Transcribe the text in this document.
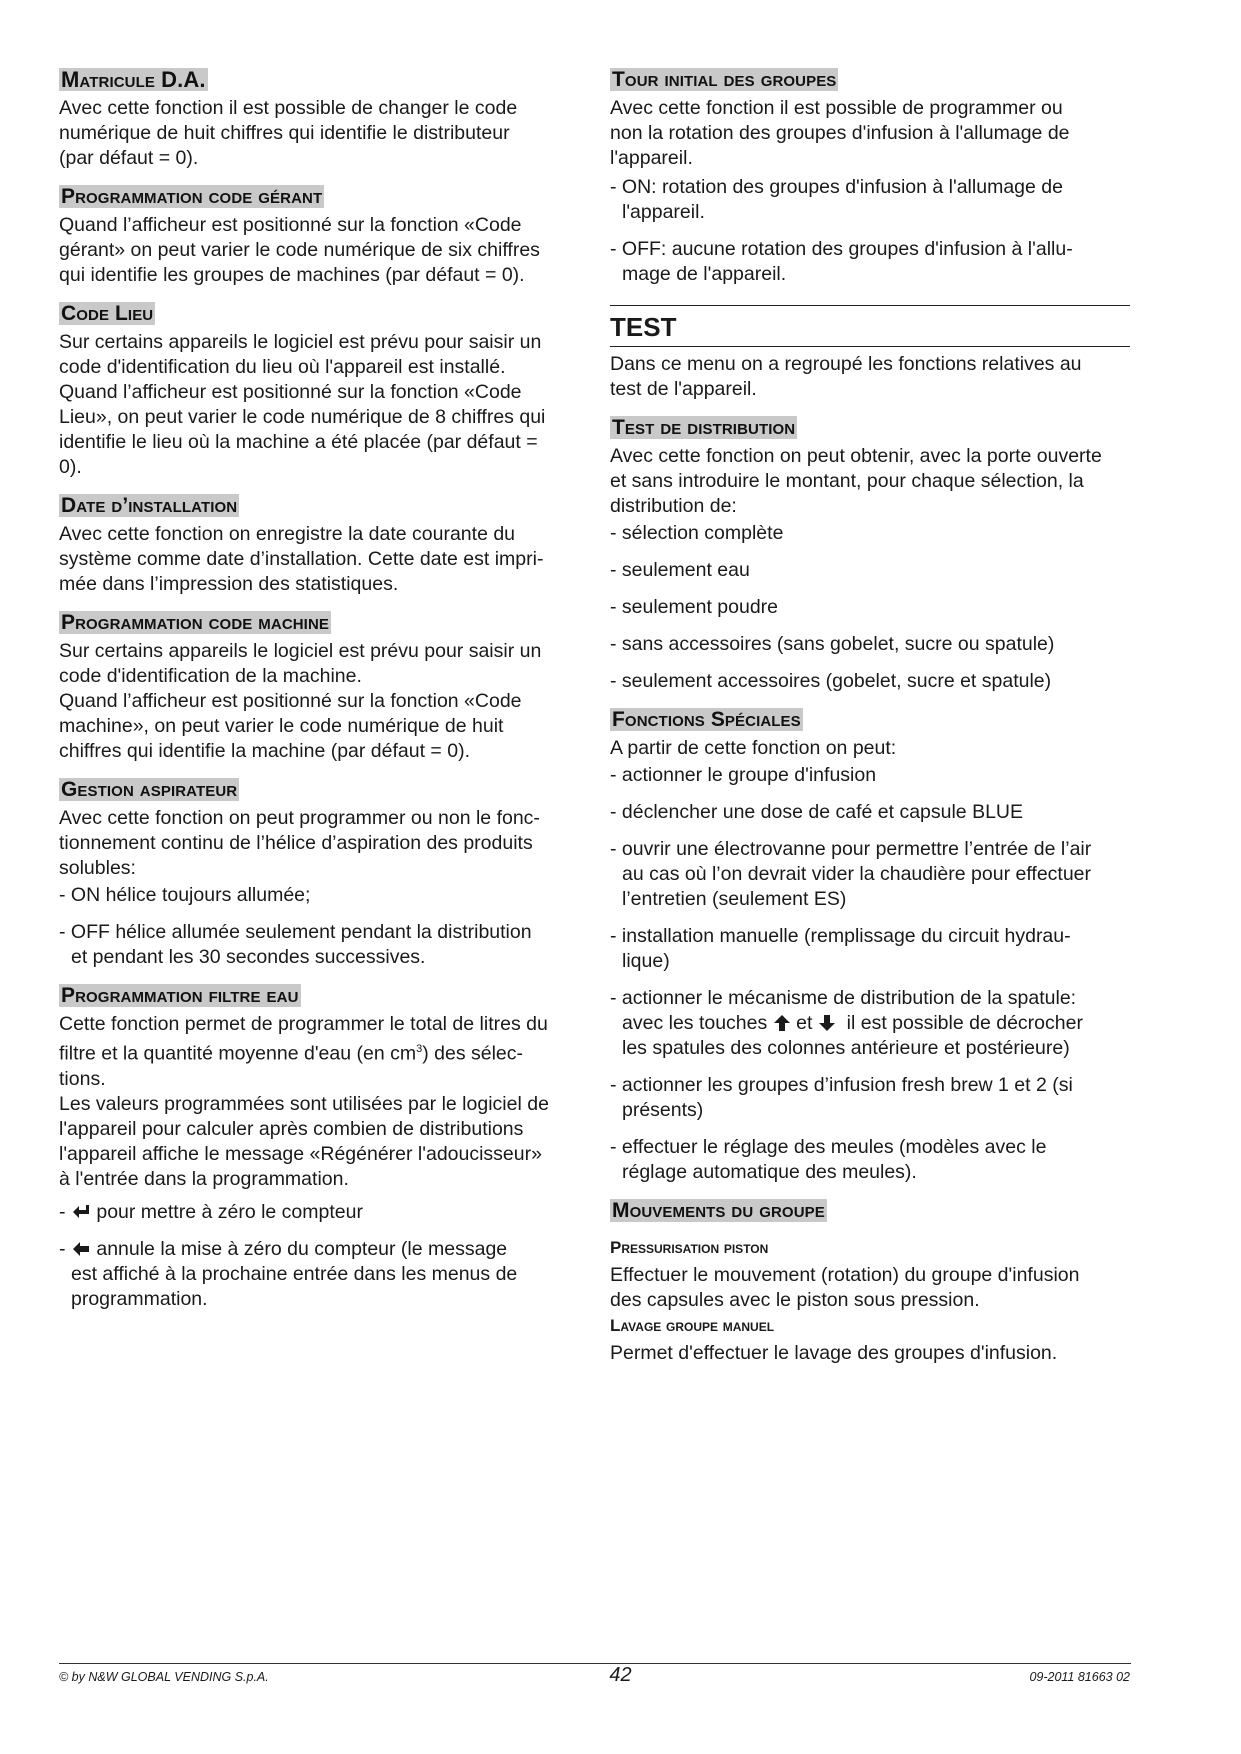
Matricule D.A.
Avec cette fonction il est possible de changer le code
numérique de huit chiffres qui identifie le distributeur
(par défaut = 0).
Programmation code gérant
Quand l’afficheur est positionné sur la fonction «Code
gérant» on peut varier le code numérique de six chiffres
qui identifie les groupes de machines (par défaut = 0).
Code Lieu
Sur certains appareils le logiciel est prévu pour saisir un
code d'identification du lieu où l'appareil est installé.
Quand l’afficheur est positionné sur la fonction «Code
Lieu», on peut varier le code numérique de 8 chiffres qui
identifie le lieu où la machine a été placée (par défaut =
0).
Date d’installation
Avec cette fonction on enregistre la date courante du
système comme date d’installation. Cette date est impri-
mée dans l’impression des statistiques.
Programmation code machine
Sur certains appareils le logiciel est prévu pour saisir un
code d'identification de la machine.
Quand l’afficheur est positionné sur la fonction «Code
machine», on peut varier le code numérique de huit
chiffres qui identifie la machine (par défaut = 0).
Gestion aspirateur
Avec cette fonction on peut programmer ou non le fonc-
tionnement continu de l’hélice d’aspiration des produits
solubles:
- ON hélice toujours allumée;
- OFF hélice allumée seulement pendant la distribution
et pendant les 30 secondes successives.
Programmation filtre eau
Cette fonction permet de programmer le total de litres du
filtre et la quantité moyenne d'eau (en $cm^3$) des sélec-
tions.
Les valeurs programmées sont utilisées par le logiciel de
l'appareil pour calculer après combien de distributions
l'appareil affiche le message «Régénérer l'adoucisseur»
à l'entrée dans la programmation.
- pour mettre à zéro le compteur
- annule la mise à zéro du compteur (le message
est affiché à la prochaine entrée dans les menus de
programmation.
Tour initial des groupes
Avec cette fonction il est possible de programmer ou
non la rotation des groupes d'infusion à l'allumage de
l'appareil.
- ON: rotation des groupes d'infusion à l'allumage de
l'appareil.
- OFF: aucune rotation des groupes d'infusion à l'allu-
mage de l'appareil.
TEST
Dans ce menu on a regroupé les fonctions relatives au
test de l'appareil.
Test de distribution
Avec cette fonction on peut obtenir, avec la porte ouverte
et sans introduire le montant, pour chaque sélection, la
distribution de:
- sélection complète
- seulement eau
- seulement poudre
- sans accessoires (sans gobelet, sucre ou spatule)
- seulement accessoires (gobelet, sucre et spatule)
Fonctions Spéciales
A partir de cette fonction on peut:
- actionner le groupe d'infusion
- déclencher une dose de café et capsule BLUE
- ouvrir une électrovanne pour permettre l’entrée de l’air
au cas où l’on devrait vider la chaudière pour effectuer
l’entretien (seulement ES)
- installation manuelle (remplissage du circuit hydrau-
lique)
- actionner le mécanisme de distribution de la spatule:
avec les touches et il est possible de décrocher
les spatules des colonnes antérieure et postérieure)
- actionner les groupes d’infusion fresh brew 1 et 2 (si
présents)
- effectuer le réglage des meules (modèles avec le
réglage automatique des meules).
Mouvements du groupe
Pressurisation piston
Effectuer le mouvement (rotation) du groupe d'infusion
des capsules avec le piston sous pression.
Lavage groupe manuel
Permet d'effectuer le lavage des groupes d'infusion.
© by N&W GLOBAL VENDING S.p.A.	42	09-2011 81663 02
